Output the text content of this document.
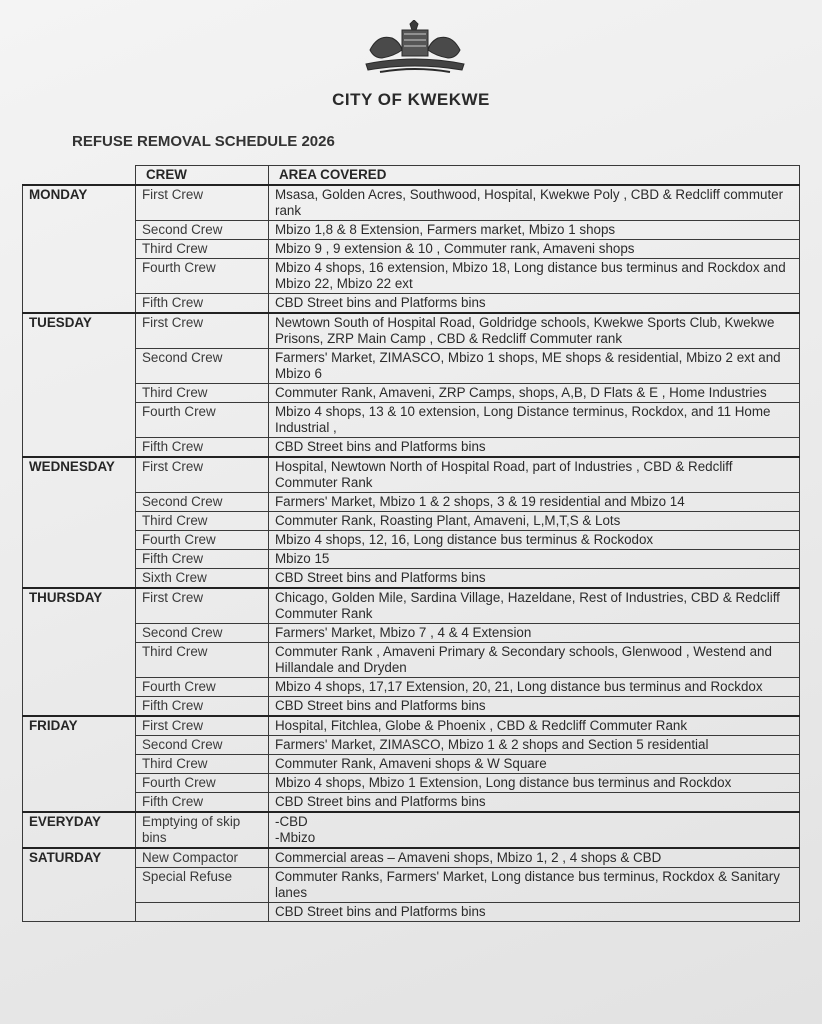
CITY OF KWEKWE
REFUSE REMOVAL SCHEDULE 2026
	CREW	AREA COVERED
MONDAY	First Crew	Msasa, Golden Acres, Southwood, Hospital, Kwekwe Poly , CBD & Redcliff commuter rank
	Second Crew	Mbizo 1,8 & 8 Extension, Farmers market, Mbizo 1 shops
	Third Crew	Mbizo 9 , 9 extension & 10 , Commuter rank, Amaveni shops
	Fourth Crew	Mbizo 4 shops, 16 extension, Mbizo 18, Long distance bus terminus and Rockdox and Mbizo 22, Mbizo 22 ext
	Fifth Crew	CBD Street bins and Platforms bins
TUESDAY	First Crew	Newtown South of Hospital Road, Goldridge schools, Kwekwe Sports Club, Kwekwe Prisons, ZRP Main Camp , CBD & Redcliff Commuter rank
	Second Crew	Farmers' Market, ZIMASCO, Mbizo 1 shops, ME shops & residential, Mbizo 2 ext and Mbizo 6
	Third Crew	Commuter Rank, Amaveni, ZRP Camps, shops, A,B, D Flats & E , Home Industries
	Fourth Crew	Mbizo 4 shops, 13 & 10 extension, Long Distance terminus, Rockdox, and 11 Home Industrial ,
	Fifth Crew	CBD Street bins and Platforms bins
WEDNESDAY	First Crew	Hospital, Newtown North of Hospital Road, part of Industries , CBD & Redcliff Commuter Rank
	Second Crew	Farmers' Market, Mbizo 1 & 2 shops, 3 & 19 residential and Mbizo 14
	Third Crew	Commuter Rank, Roasting Plant, Amaveni, L,M,T,S & Lots
	Fourth Crew	Mbizo 4 shops, 12, 16, Long distance bus terminus & Rockodox
	Fifth Crew	Mbizo 15
	Sixth Crew	CBD Street bins and Platforms bins
THURSDAY	First Crew	Chicago, Golden Mile, Sardina Village, Hazeldane, Rest of Industries, CBD & Redcliff Commuter Rank
	Second Crew	Farmers' Market, Mbizo 7 , 4 & 4 Extension
	Third Crew	Commuter Rank , Amaveni Primary & Secondary schools, Glenwood , Westend and Hillandale and Dryden
	Fourth Crew	Mbizo 4 shops, 17,17 Extension, 20, 21, Long distance bus terminus and Rockdox
	Fifth Crew	CBD Street bins and Platforms bins
FRIDAY	First Crew	Hospital, Fitchlea, Globe & Phoenix , CBD & Redcliff Commuter Rank
	Second Crew	Farmers' Market, ZIMASCO, Mbizo 1 & 2 shops and Section 5 residential
	Third Crew	Commuter Rank, Amaveni shops & W Square
	Fourth Crew	Mbizo 4 shops, Mbizo 1 Extension, Long distance bus terminus and Rockdox
	Fifth Crew	CBD Street bins and Platforms bins
EVERYDAY	Emptying of skip bins	-CBD
-Mbizo
SATURDAY	New Compactor	Commercial areas – Amaveni shops, Mbizo 1, 2 , 4 shops & CBD
	Special Refuse	Commuter Ranks, Farmers' Market, Long distance bus terminus, Rockdox & Sanitary lanes
		CBD Street bins and Platforms bins
